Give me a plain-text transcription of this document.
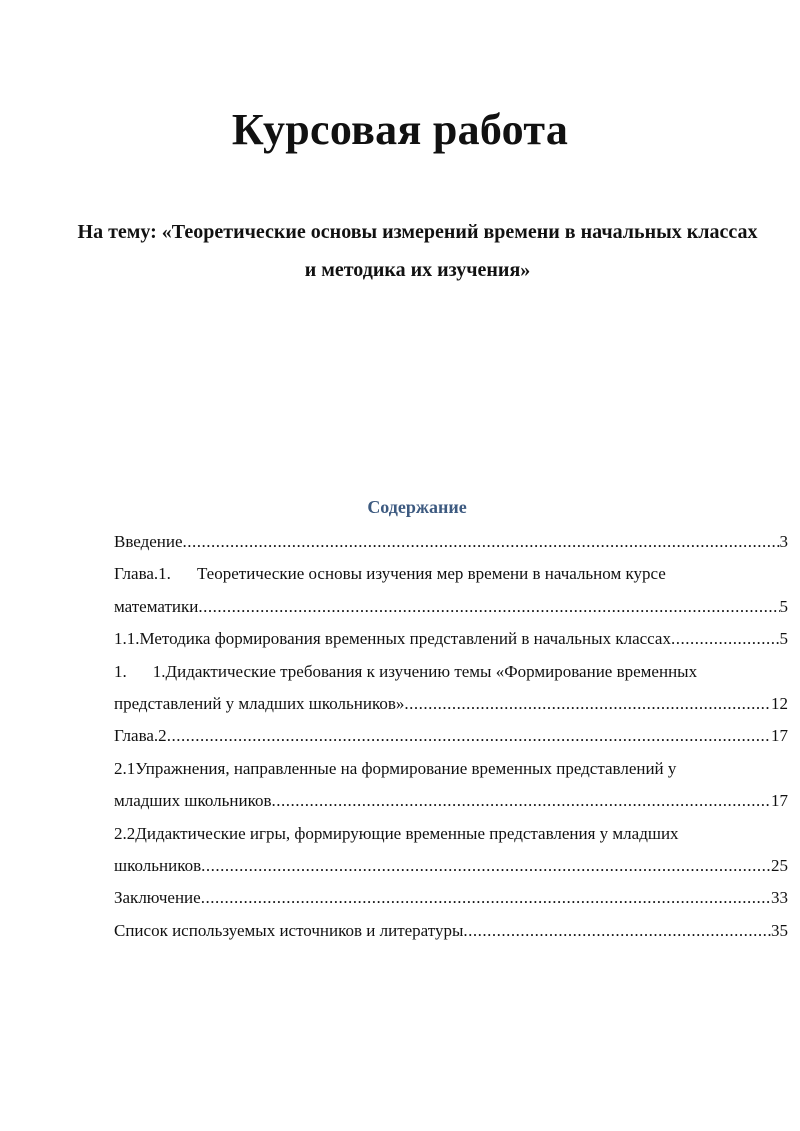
Курсовая работа
На тему: «Теоретические основы измерений времени в начальных классах
и методика их изучения»
Содержание
Введение .....	3
Глава.1. Теоретические основы изучения мер времени в начальном курсе
математики .....	5
1.1.Методика формирования временных представлений в начальных классах .....	5
1. 1.Дидактические требования к изучению темы «Формирование временных
представлений у младших школьников» .....	12
Глава.2 .....	17
2.1Упражнения, направленные на формирование временных представлений у
младших школьников .....	17
2.2Дидактические игры, формирующие временные представления у младших
школьников .....	25
Заключение .....	33
Список используемых источников и литературы .....	35
